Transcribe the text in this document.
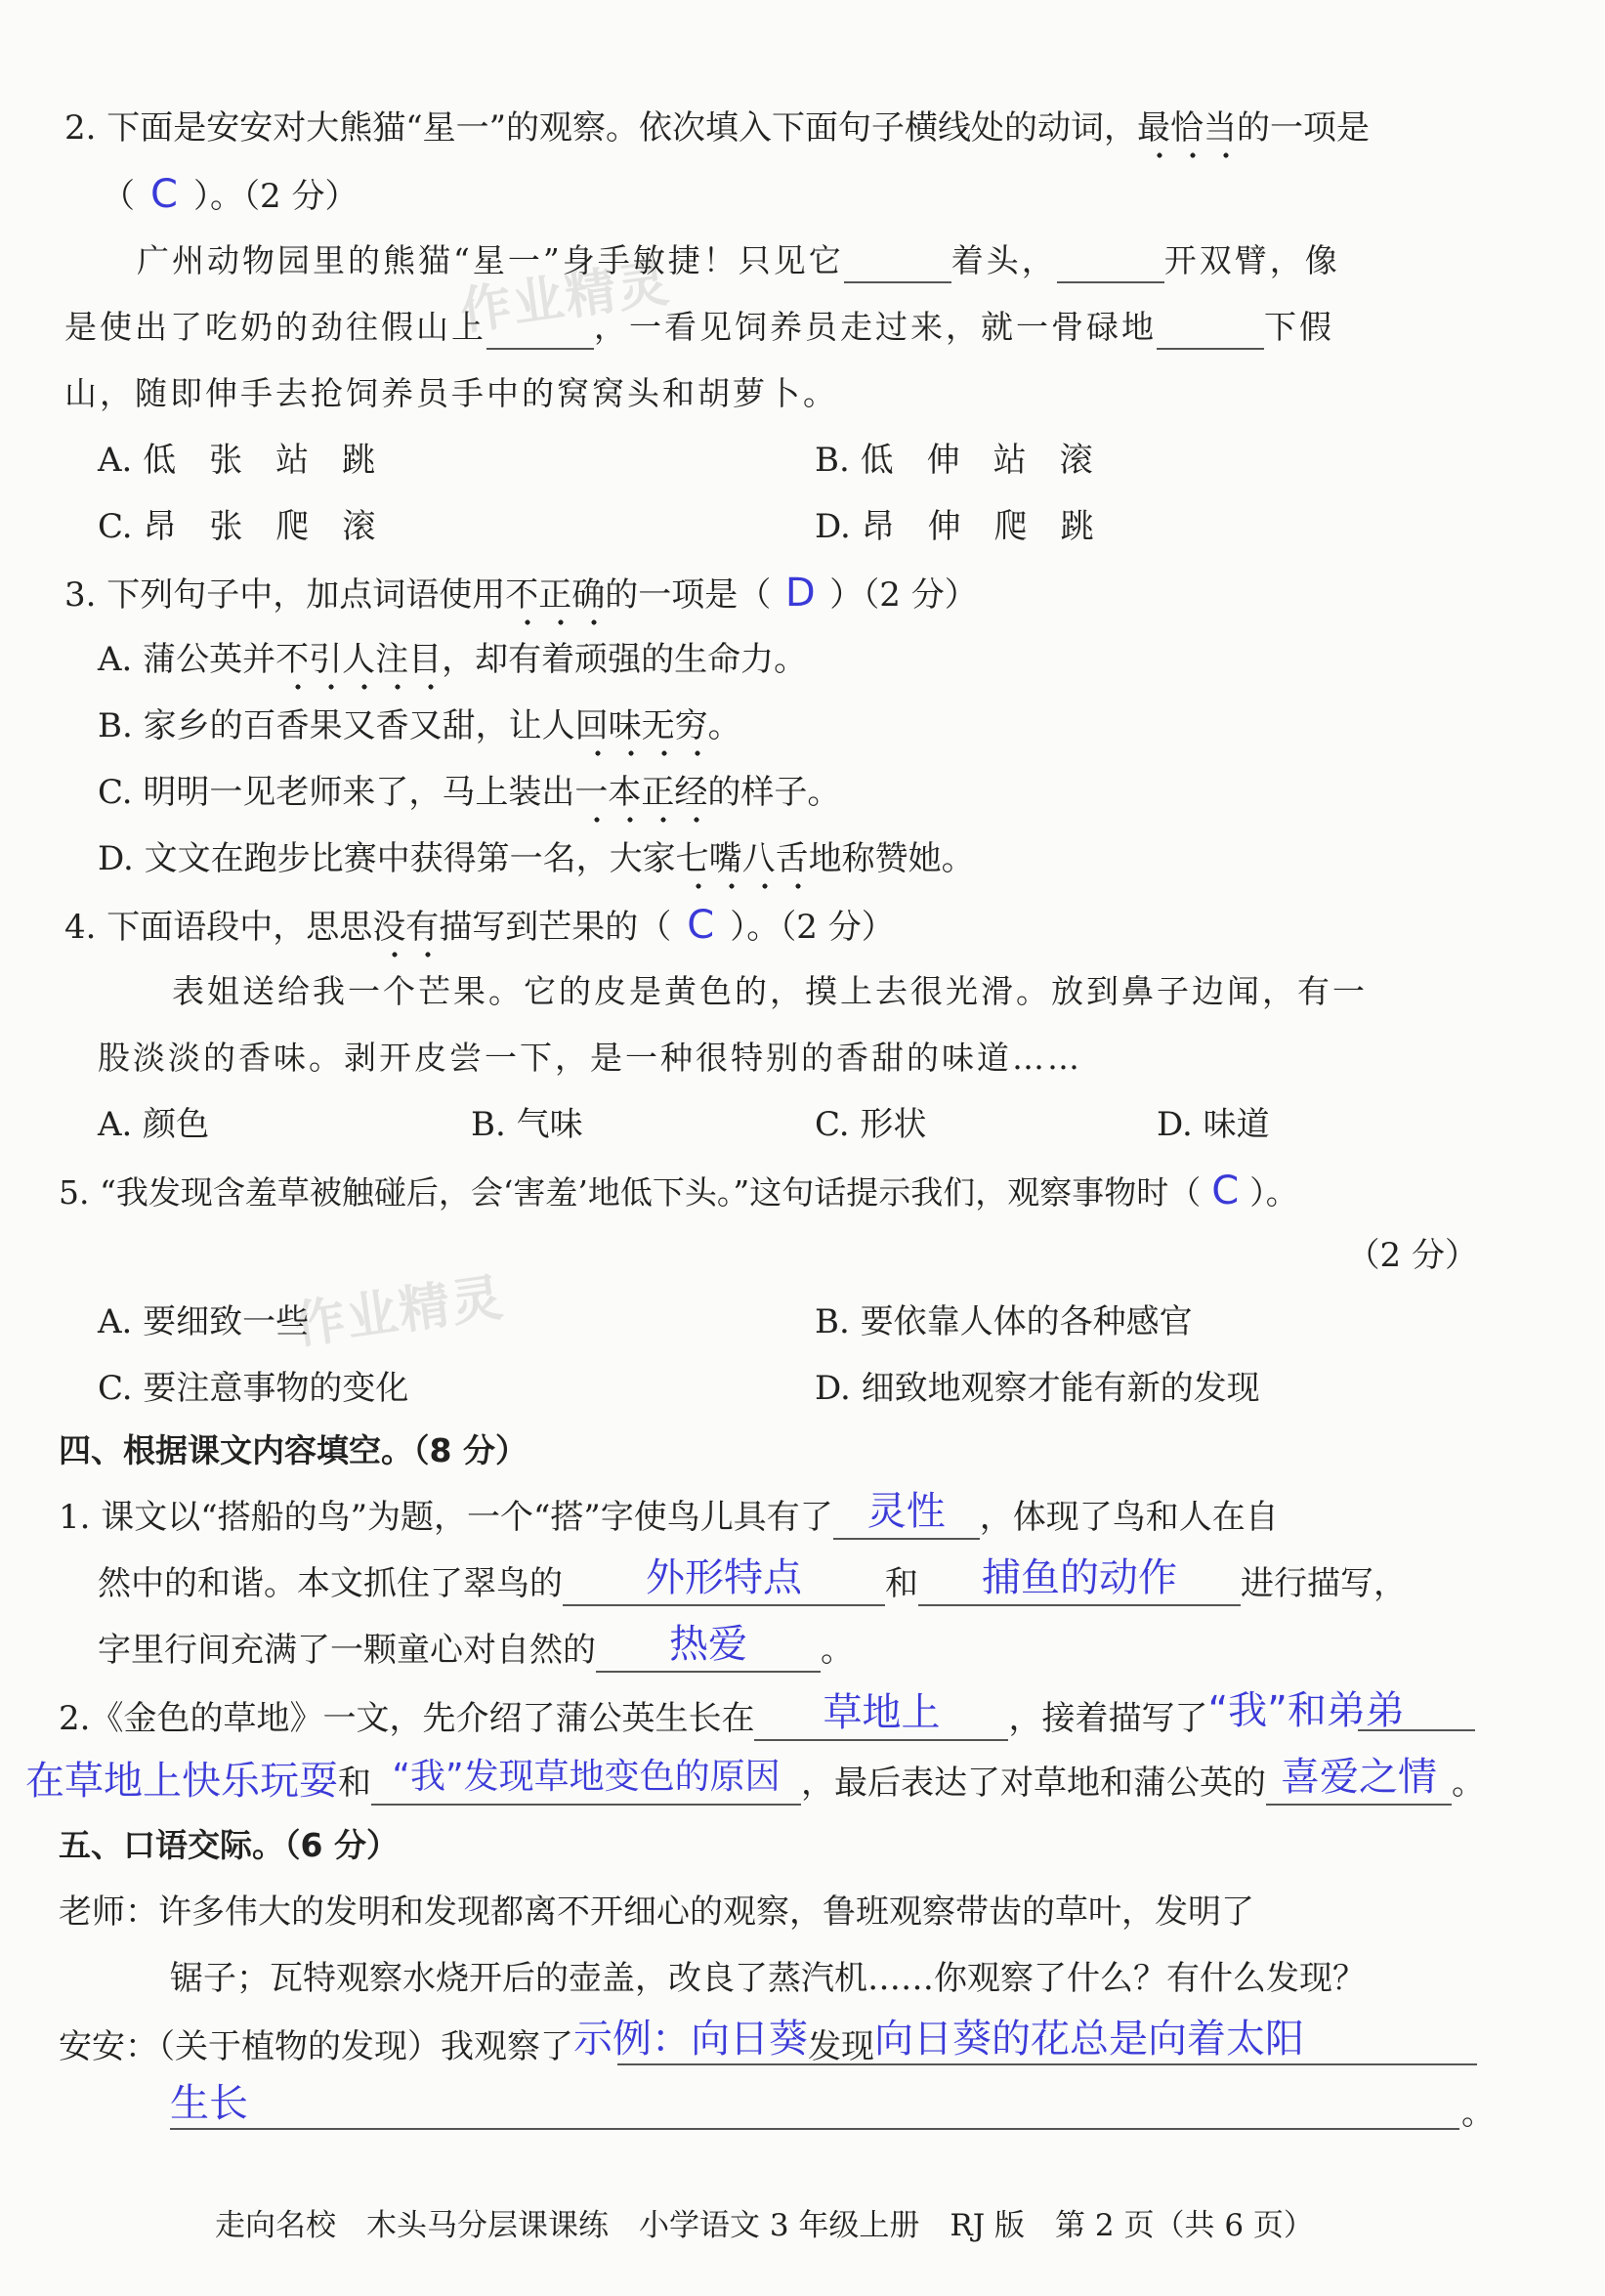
作业精灵
作业精灵
2. 下面是安安对大熊猫“星一”的观察。依次填入下面句子横线处的动词，最恰当的一项是
（ C ）。（2 分）
广州动物园里的熊猫“星一”身手敏捷！只见它	着头，	开双臂，像
是使出了吃奶的劲往假山上	，一看见饲养员走过来，就一骨碌地	下假
山，随即伸手去抢饲养员手中的窝窝头和胡萝卜。
A. 低　张　站　跳	B. 低　伸　站　滚
C. 昂　张　爬　滚	D. 昂　伸　爬　跳
3. 下列句子中，加点词语使用不正确的一项是（ D ）（2 分）
A. 蒲公英并不引人注目，却有着顽强的生命力。
B. 家乡的百香果又香又甜，让人回味无穷。
C. 明明一见老师来了，马上装出一本正经的样子。
D. 文文在跑步比赛中获得第一名，大家七嘴八舌地称赞她。
4. 下面语段中，思思没有描写到芒果的（ C ）。（2 分）
表姐送给我一个芒果。它的皮是黄色的，摸上去很光滑。放到鼻子边闻，有一
股淡淡的香味。剥开皮尝一下，是一种很特别的香甜的味道……
A. 颜色	B. 气味	C. 形状	D. 味道
5. “我发现含羞草被触碰后，会‘害羞’地低下头。”这句话提示我们，观察事物时（ C ）。
（2 分）
A. 要细致一些	B. 要依靠人体的各种感官
C. 要注意事物的变化	D. 细致地观察才能有新的发现
四、根据课文内容填空。（8 分）
1. 课文以“搭船的鸟”为题，一个“搭”字使鸟儿具有了 灵性	，体现了鸟和人在自
然中的和谐。本文抓住了翠鸟的	外形特点	和	捕鱼的动作	进行描写，
字里行间充满了一颗童心对自然的	热爱	。
2.《金色的草地》一文，先介绍了蒲公英生长在	草地上	，接着描写了“我”和弟弟
在草地上快乐玩耍和 “我”发现草地变色的原因 ，最后表达了对草地和蒲公英的 喜爱之情 。
五、口语交际。（6 分）
老师：许多伟大的发明和发现都离不开细心的观察，鲁班观察带齿的草叶，发明了
锯子；瓦特观察水烧开后的壶盖，改良了蒸汽机……你观察了什么？有什么发现？
安安：（关于植物的发现）我观察了示例：向日葵发现向日葵的花总是向着太阳
生长	。
走向名校　木头马分层课课练　小学语文 3 年级上册　RJ 版　第 2 页（共 6 页）
